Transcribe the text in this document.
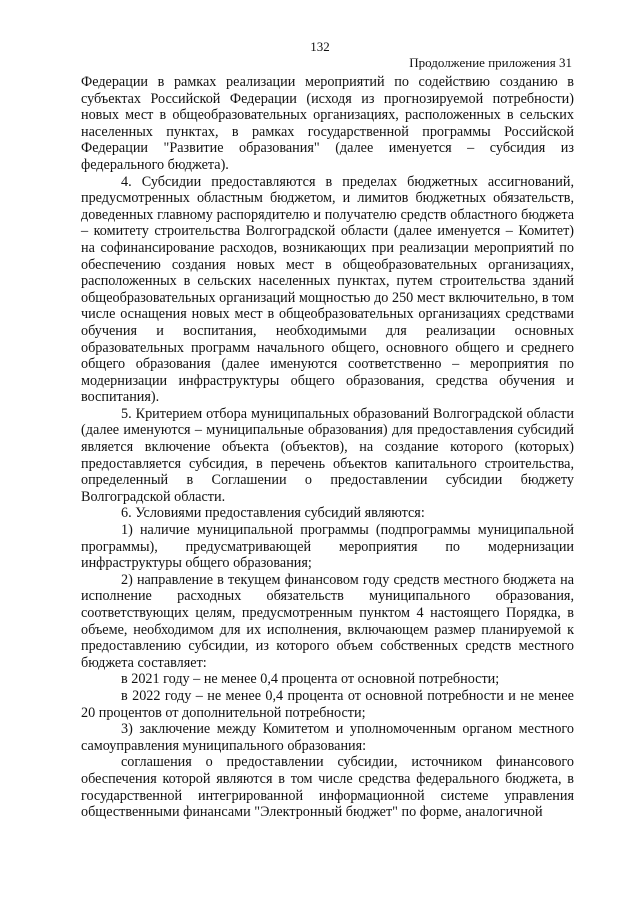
132
Продолжение приложения 31

Федерации в рамках реализации мероприятий по содействию созданию в субъектах Российской Федерации (исходя из прогнозируемой потребности) новых мест в общеобразовательных организациях, расположенных в сельских населенных пунктах, в рамках государственной программы Российской Федерации "Развитие образования" (далее именуется – субсидия из федерального бюджета).

4. Субсидии предоставляются в пределах бюджетных ассигнований, предусмотренных областным бюджетом, и лимитов бюджетных обязательств, доведенных главному распорядителю и получателю средств областного бюджета – комитету строительства Волгоградской области (далее именуется – Комитет) на софинансирование расходов, возникающих при реализации мероприятий по обеспечению создания новых мест в общеобразовательных организациях, расположенных в сельских населенных пунктах, путем строительства зданий общеобразовательных организаций мощностью до 250 мест включительно, в том числе оснащения новых мест в общеобразовательных организациях средствами обучения и воспитания, необходимыми для реализации основных образовательных программ начального общего, основного общего и среднего общего образования (далее именуются соответственно – мероприятия по модернизации инфраструктуры общего образования, средства обучения и воспитания).

5. Критерием отбора муниципальных образований Волгоградской области (далее именуются – муниципальные образования) для предоставления субсидий является включение объекта (объектов), на создание которого (которых) предоставляется субсидия, в перечень объектов капитального строительства, определенный в Соглашении о предоставлении субсидии бюджету Волгоградской области.

6. Условиями предоставления субсидий являются:

1) наличие муниципальной программы (подпрограммы муниципальной программы), предусматривающей мероприятия по модернизации инфраструктуры общего образования;

2) направление в текущем финансовом году средств местного бюджета на исполнение расходных обязательств муниципального образования, соответствующих целям, предусмотренным пунктом 4 настоящего Порядка, в объеме, необходимом для их исполнения, включающем размер планируемой к предоставлению субсидии, из которого объем собственных средств местного бюджета составляет:

в 2021 году – не менее 0,4 процента от основной потребности;

в 2022 году – не менее 0,4 процента от основной потребности и не менее 20 процентов от дополнительной потребности;

3) заключение между Комитетом и уполномоченным органом местного самоуправления муниципального образования:

соглашения о предоставлении субсидии, источником финансового обеспечения которой являются в том числе средства федерального бюджета, в государственной интегрированной информационной системе управления общественными финансами "Электронный бюджет" по форме, аналогичной
